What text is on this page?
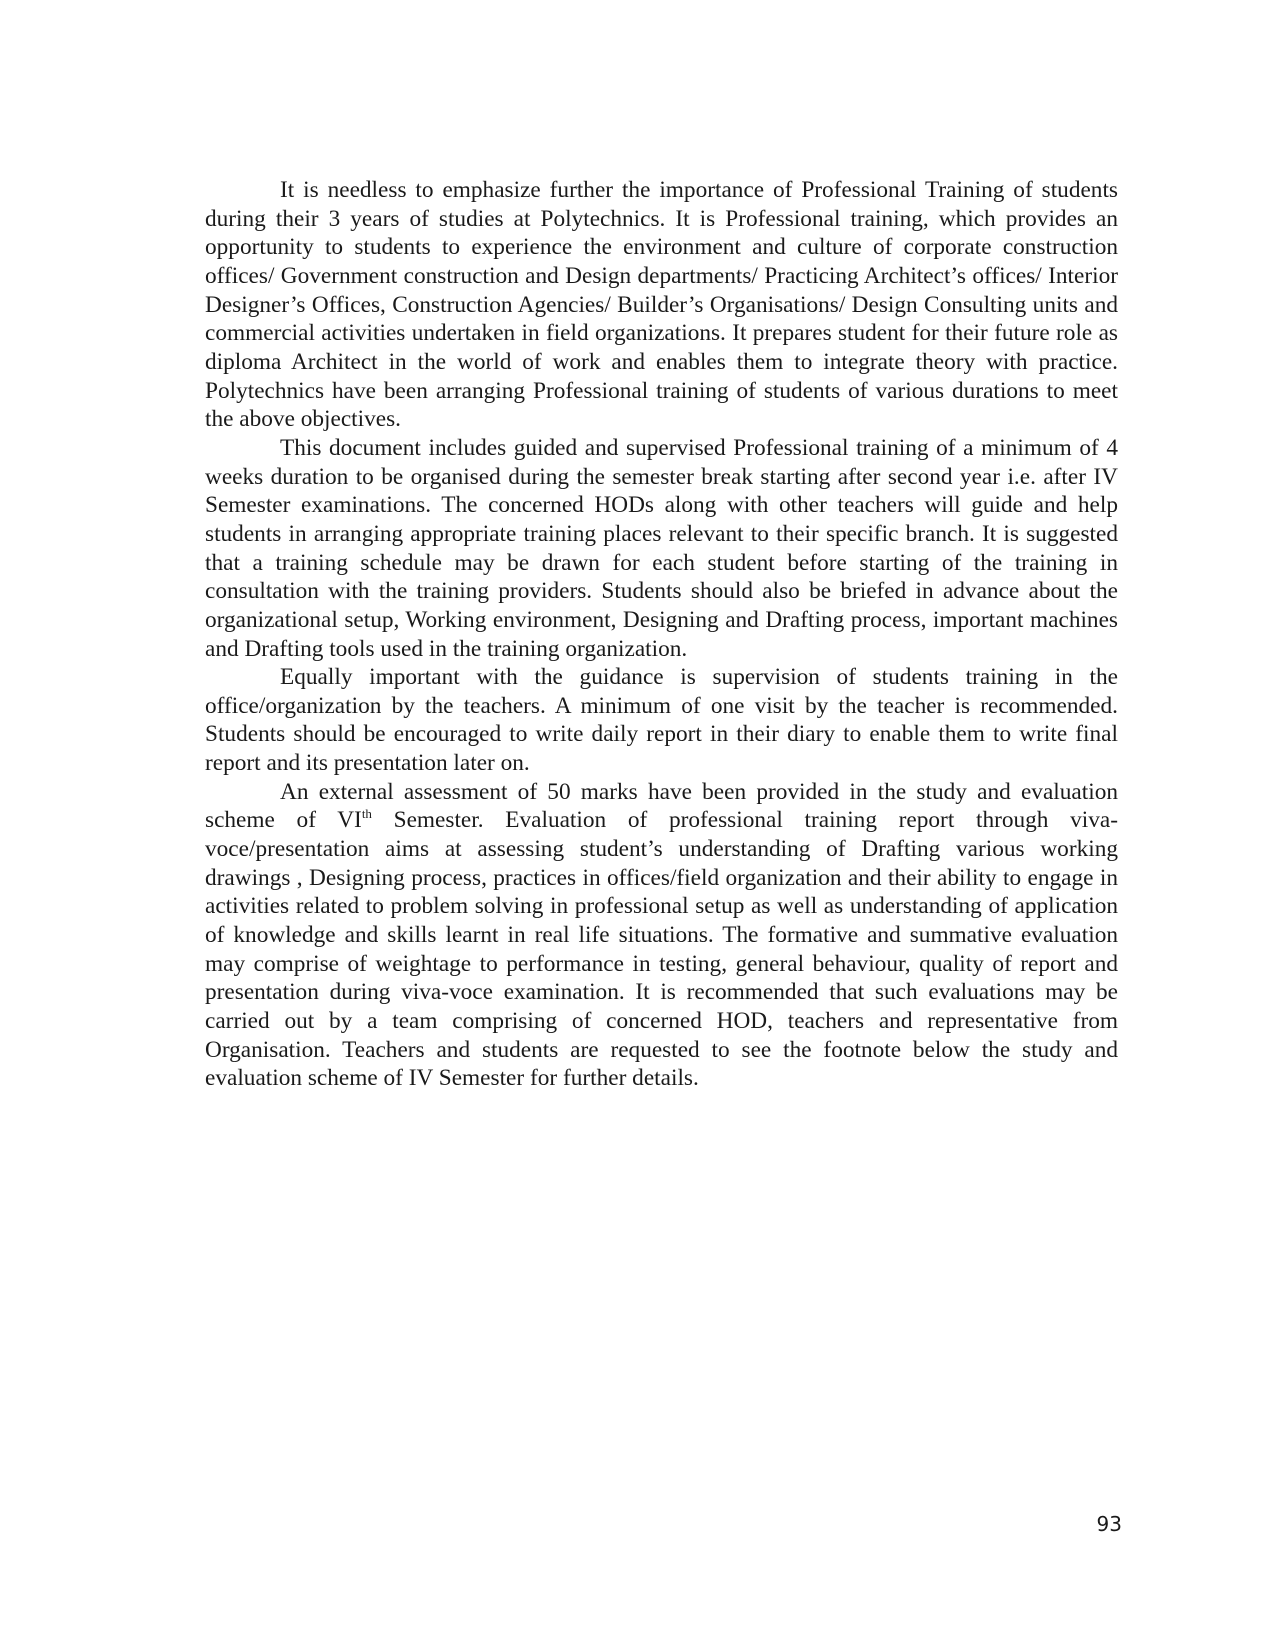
It is needless to emphasize further the importance of Professional Training of students during their 3 years of studies at Polytechnics. It is Professional training, which provides an opportunity to students to experience the environment and culture of corporate construction offices/ Government construction and Design departments/ Practicing Architect’s offices/ Interior Designer’s Offices, Construction Agencies/ Builder’s Organisations/ Design Consulting units and commercial activities undertaken in field organizations. It prepares student for their future role as diploma Architect in the world of work and enables them to integrate theory with practice. Polytechnics have been arranging Professional training of students of various durations to meet the above objectives.

This document includes guided and supervised Professional training of a minimum of 4 weeks duration to be organised during the semester break starting after second year i.e. after IV Semester examinations. The concerned HODs along with other teachers will guide and help students in arranging appropriate training places relevant to their specific branch. It is suggested that a training schedule may be drawn for each student before starting of the training in consultation with the training providers. Students should also be briefed in advance about the organizational setup, Working environment, Designing and Drafting process, important machines and Drafting tools used in the training organization.

Equally important with the guidance is supervision of students training in the office/organization by the teachers. A minimum of one visit by the teacher is recommended. Students should be encouraged to write daily report in their diary to enable them to write final report and its presentation later on.

An external assessment of 50 marks have been provided in the study and evaluation scheme of VIth Semester. Evaluation of professional training report through viva-voce/presentation aims at assessing student’s understanding of Drafting various working drawings , Designing process, practices in offices/field organization and their ability to engage in activities related to problem solving in professional setup as well as understanding of application of knowledge and skills learnt in real life situations. The formative and summative evaluation may comprise of weightage to performance in testing, general behaviour, quality of report and presentation during viva-voce examination. It is recommended that such evaluations may be carried out by a team comprising of concerned HOD, teachers and representative from Organisation. Teachers and students are requested to see the footnote below the study and evaluation scheme of IV Semester for further details.

93
